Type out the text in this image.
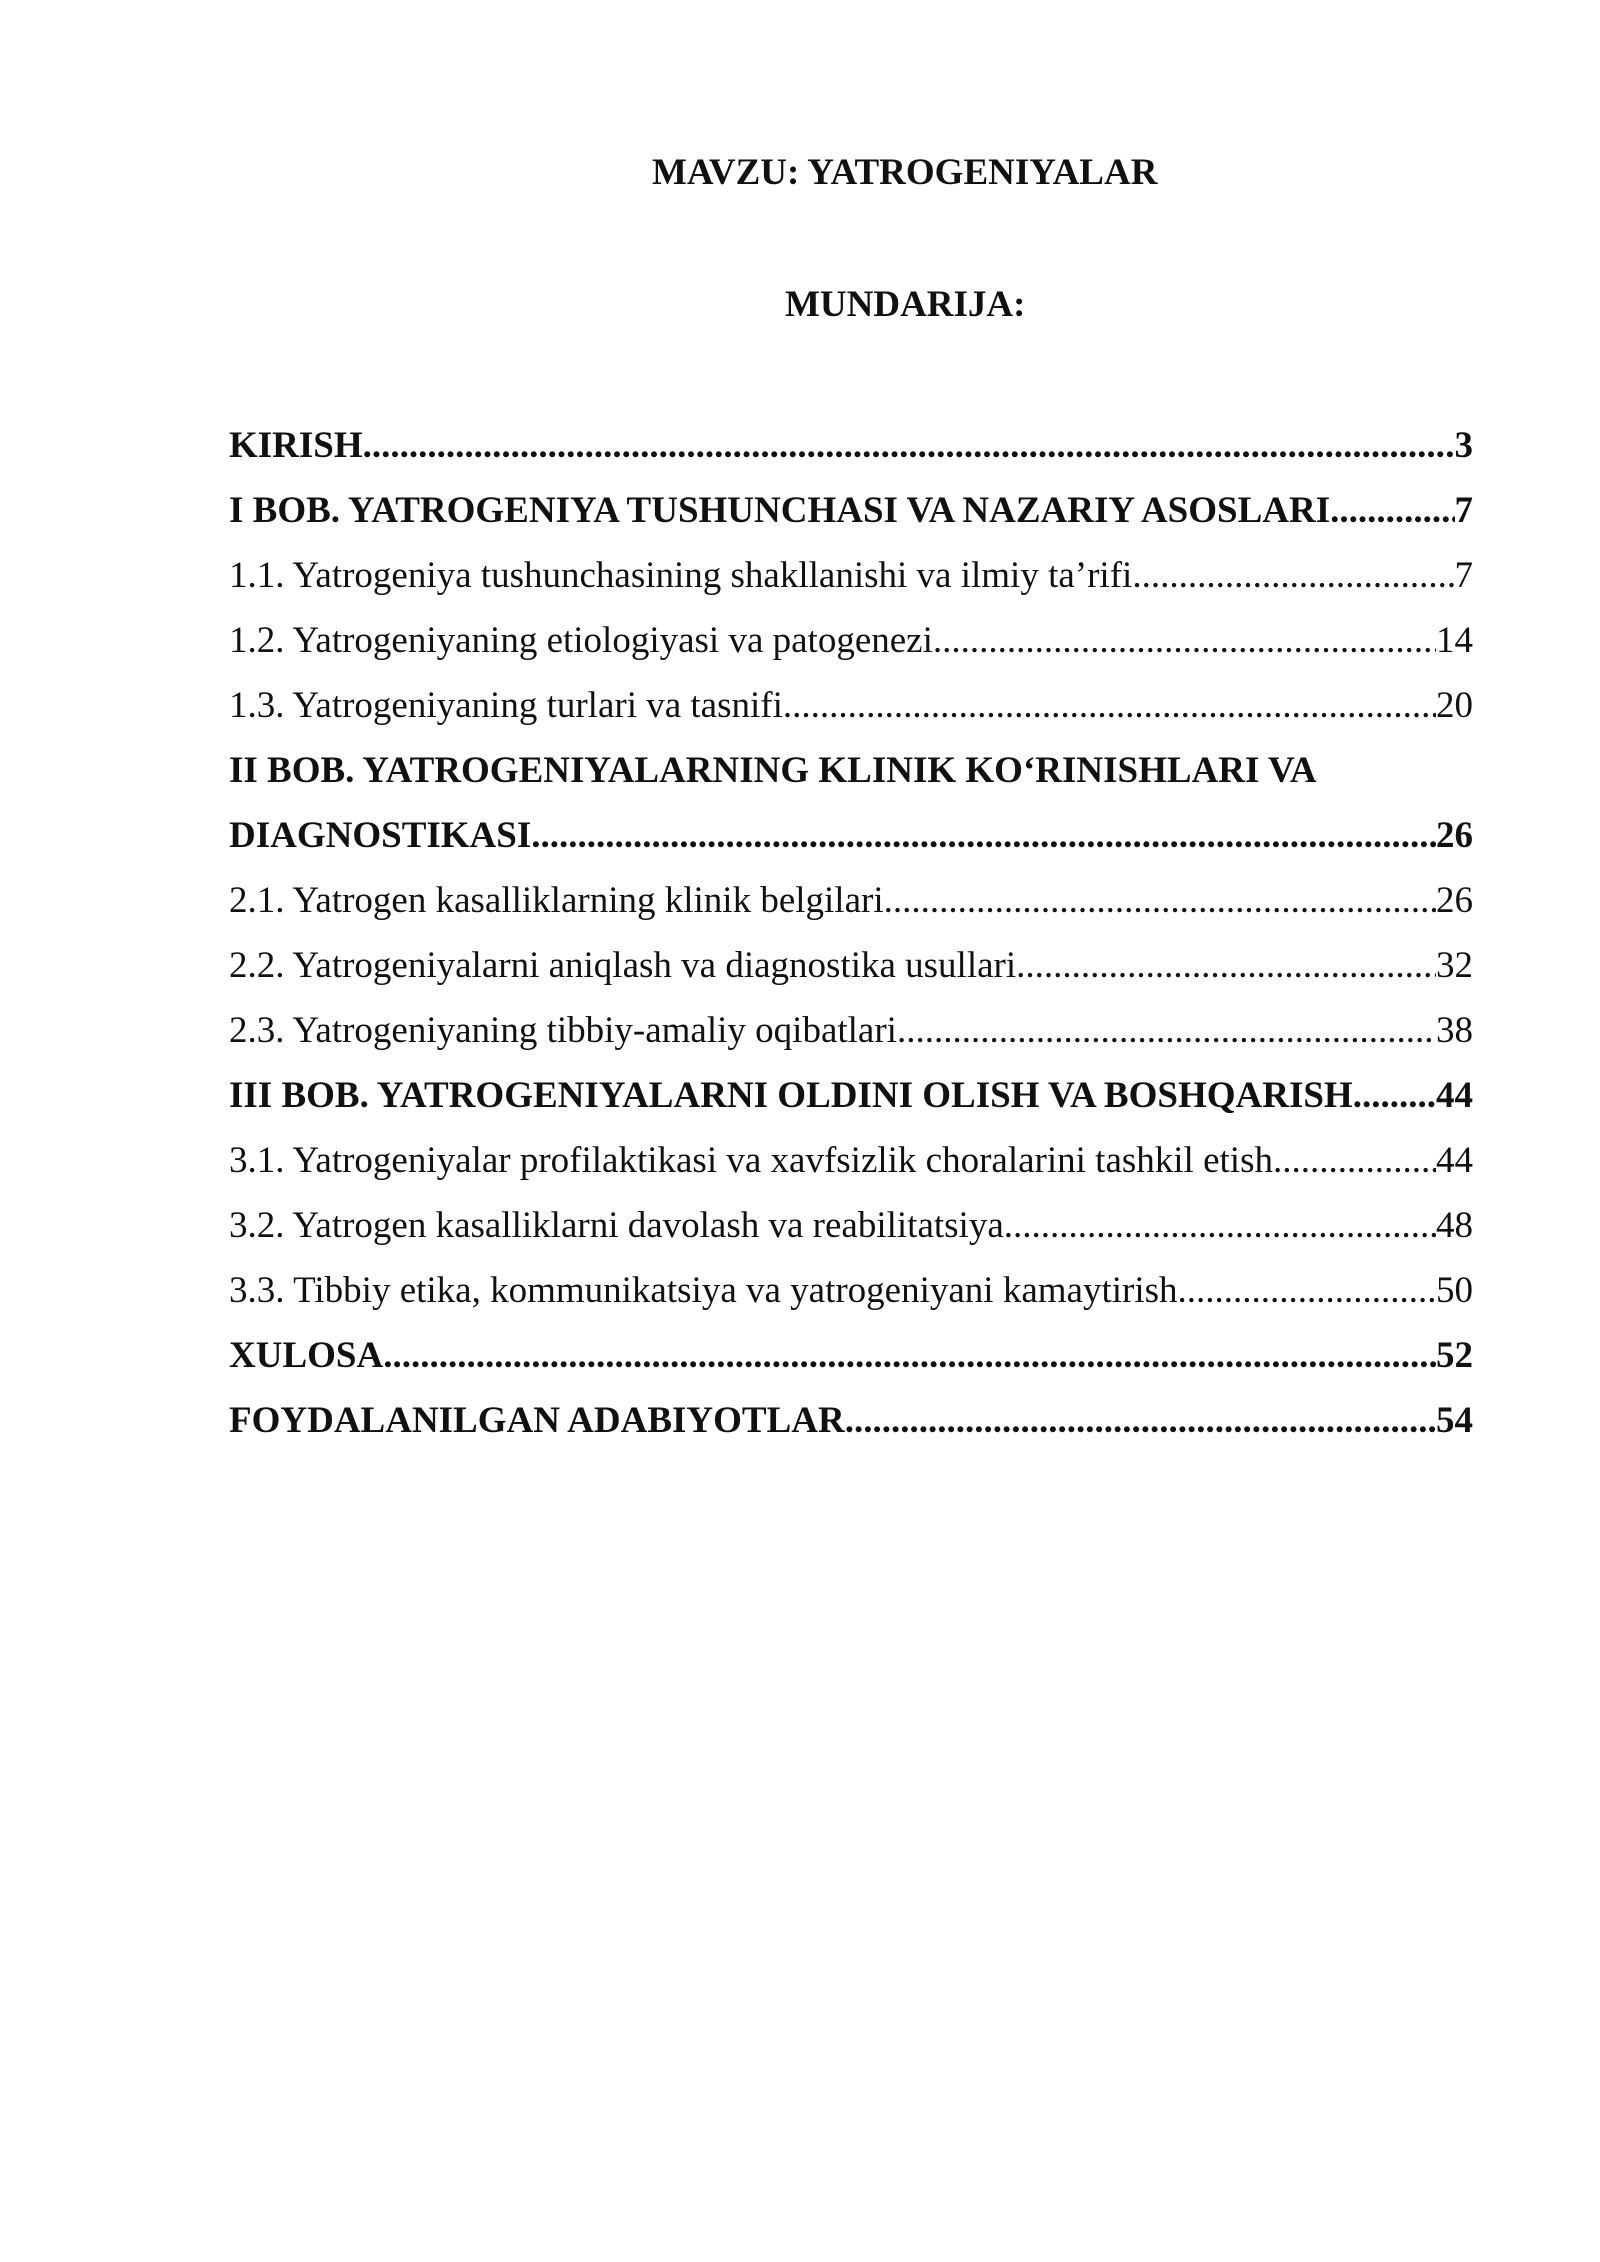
MAVZU: YATROGENIYALAR
MUNDARIJA:
KIRISH .....	.3
I BOB. YATROGENIYA TUSHUNCHASI VA NAZARIY ASOSLARI .....	7
1.1. Yatrogeniya tushunchasining shakllanishi va ilmiy ta’rifi .....	7
1.2. Yatrogeniyaning etiologiyasi va patogenezi .....	14
1.3. Yatrogeniyaning turlari va tasnifi .....	20
II BOB. YATROGENIYALARNING KLINIK KO‘RINISHLARI VA
DIAGNOSTIKASI .....	26
2.1. Yatrogen kasalliklarning klinik belgilari .....	26
2.2. Yatrogeniyalarni aniqlash va diagnostika usullari .....	32
2.3. Yatrogeniyaning tibbiy-amaliy oqibatlari .....	38
III BOB. YATROGENIYALARNI OLDINI OLISH VA BOSHQARISH ..... 44
3.1. Yatrogeniyalar profilaktikasi va xavfsizlik choralarini tashkil etish .....	44
3.2. Yatrogen kasalliklarni davolash va reabilitatsiya .....	48
3.3. Tibbiy etika, kommunikatsiya va yatrogeniyani kamaytirish .....	50
XULOSA .....	52
FOYDALANILGAN ADABIYOTLAR .....	54
